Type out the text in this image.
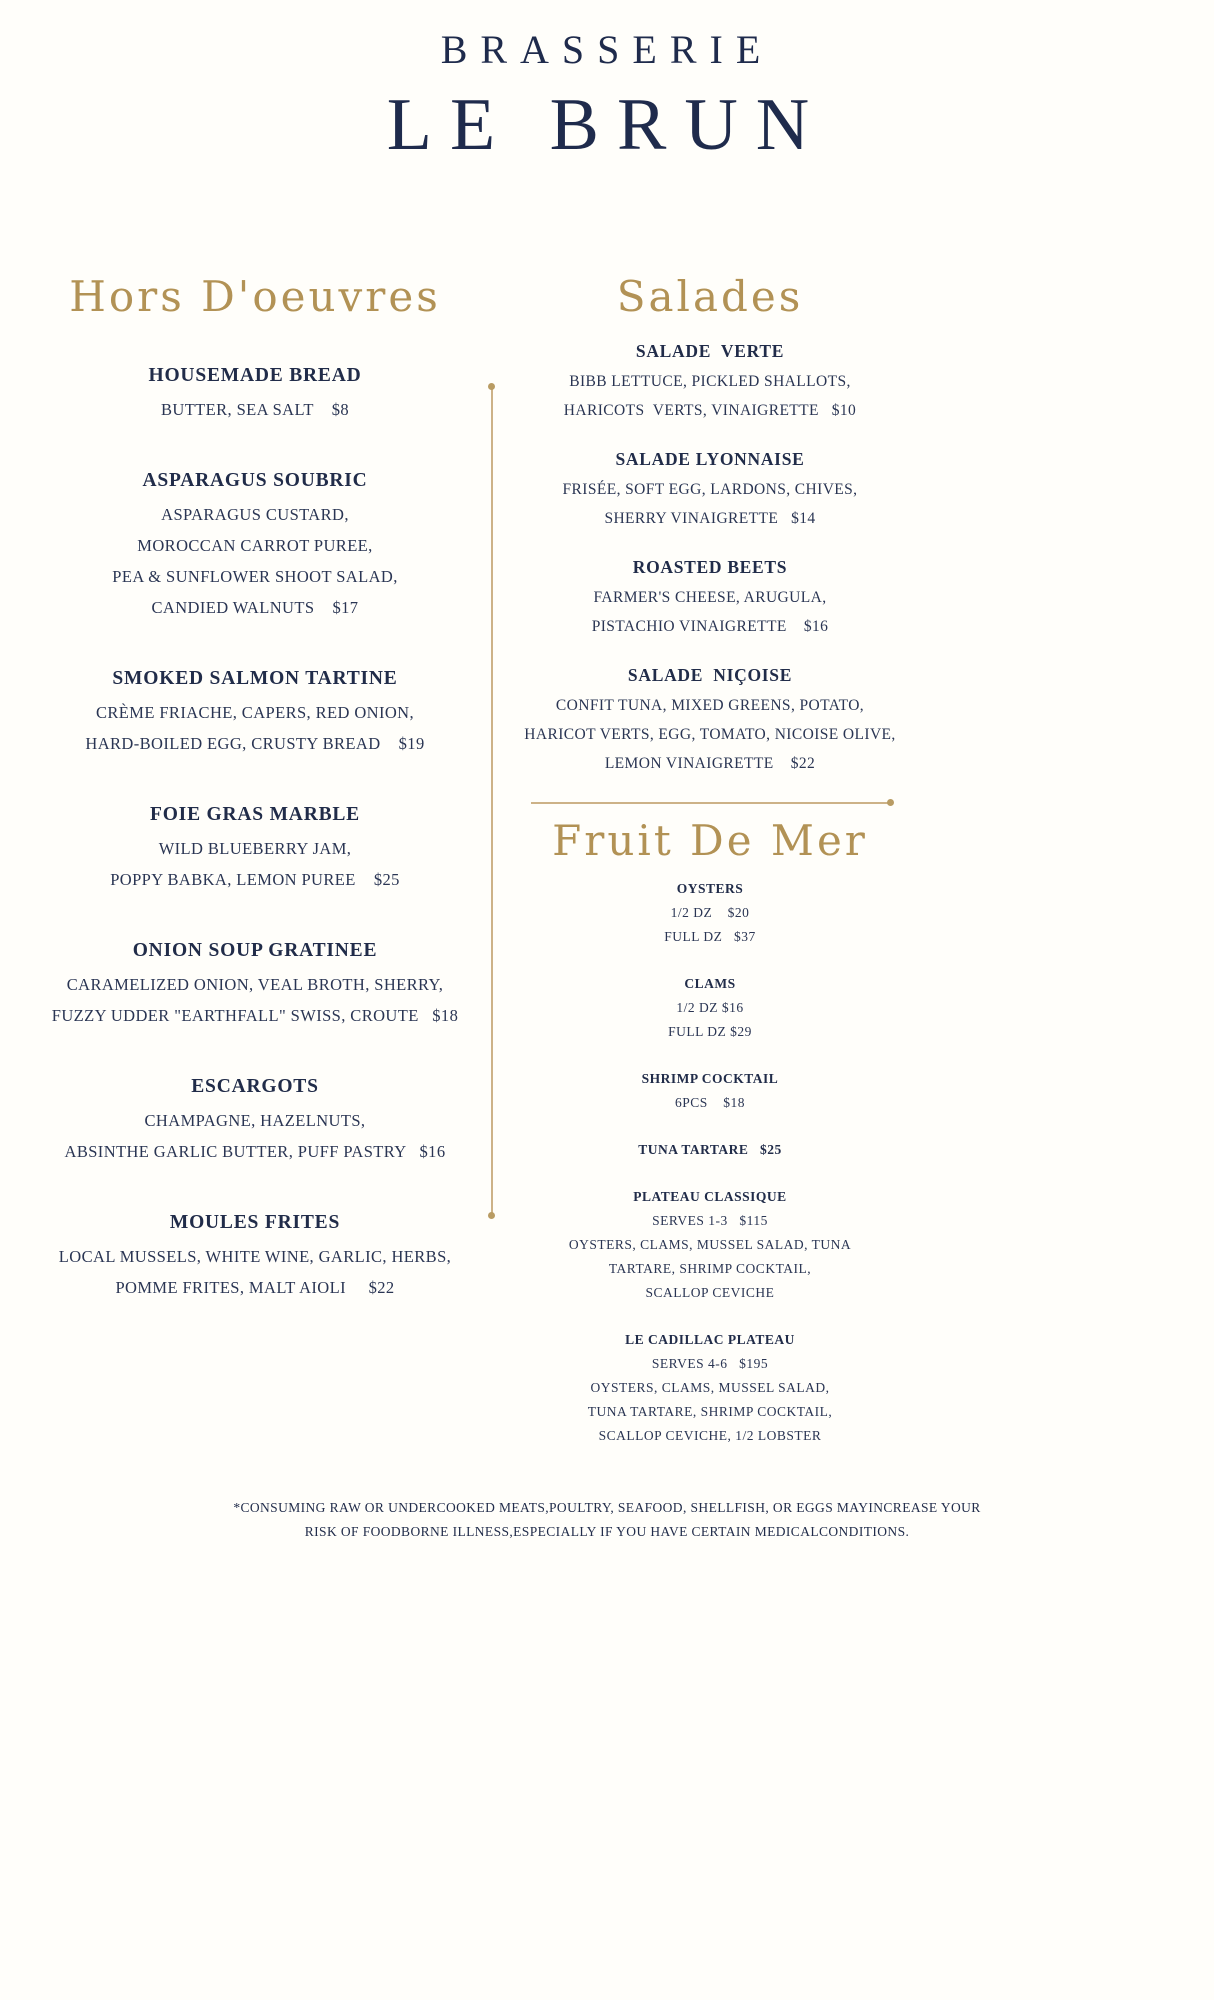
BRASSERIE
LE BRUN
Hors D'oeuvres
HOUSEMADE BREAD
BUTTER, SEA SALT    $8
ASPARAGUS SOUBRIC
ASPARAGUS CUSTARD,
MOROCCAN CARROT PUREE,
PEA & SUNFLOWER SHOOT SALAD,
CANDIED WALNUTS    $17
SMOKED SALMON TARTINE
CRÈME FRIACHE, CAPERS, RED ONION,
HARD-BOILED EGG, CRUSTY BREAD    $19
FOIE GRAS MARBLE
WILD BLUEBERRY JAM,
POPPY BABKA, LEMON PUREE    $25
ONION SOUP GRATINEE
CARAMELIZED ONION, VEAL BROTH, SHERRY,
FUZZY UDDER "EARTHFALL" SWISS, CROUTE   $18
ESCARGOTS
CHAMPAGNE, HAZELNUTS,
ABSINTHE GARLIC BUTTER, PUFF PASTRY   $16
MOULES FRITES
LOCAL MUSSELS, WHITE WINE, GARLIC, HERBS,
POMME FRITES, MALT AIOLI     $22
Salades
SALADE  VERTE
BIBB LETTUCE, PICKLED SHALLOTS,
HARICOTS  VERTS, VINAIGRETTE   $10
SALADE LYONNAISE
FRISÉE, SOFT EGG, LARDONS, CHIVES,
SHERRY VINAIGRETTE   $14
ROASTED BEETS
FARMER'S CHEESE, ARUGULA,
PISTACHIO VINAIGRETTE    $16
SALADE  NIÇOISE
CONFIT TUNA, MIXED GREENS, POTATO,
HARICOT VERTS, EGG, TOMATO, NICOISE OLIVE,
LEMON VINAIGRETTE    $22
Fruit De Mer
OYSTERS
1/2 DZ    $20
FULL DZ   $37
CLAMS
1/2 DZ $16
FULL DZ $29
SHRIMP COCKTAIL
6PCS    $18
TUNA TARTARE   $25
PLATEAU CLASSIQUE
SERVES 1-3   $115
OYSTERS, CLAMS, MUSSEL SALAD, TUNA
TARTARE, SHRIMP COCKTAIL,
SCALLOP CEVICHE
LE CADILLAC PLATEAU
SERVES 4-6   $195
OYSTERS, CLAMS, MUSSEL SALAD,
TUNA TARTARE, SHRIMP COCKTAIL,
SCALLOP CEVICHE, 1/2 LOBSTER
*CONSUMING RAW OR UNDERCOOKED MEATS,POULTRY, SEAFOOD, SHELLFISH, OR EGGS MAYINCREASE YOUR
RISK OF FOODBORNE ILLNESS,ESPECIALLY IF YOU HAVE CERTAIN MEDICALCONDITIONS.
